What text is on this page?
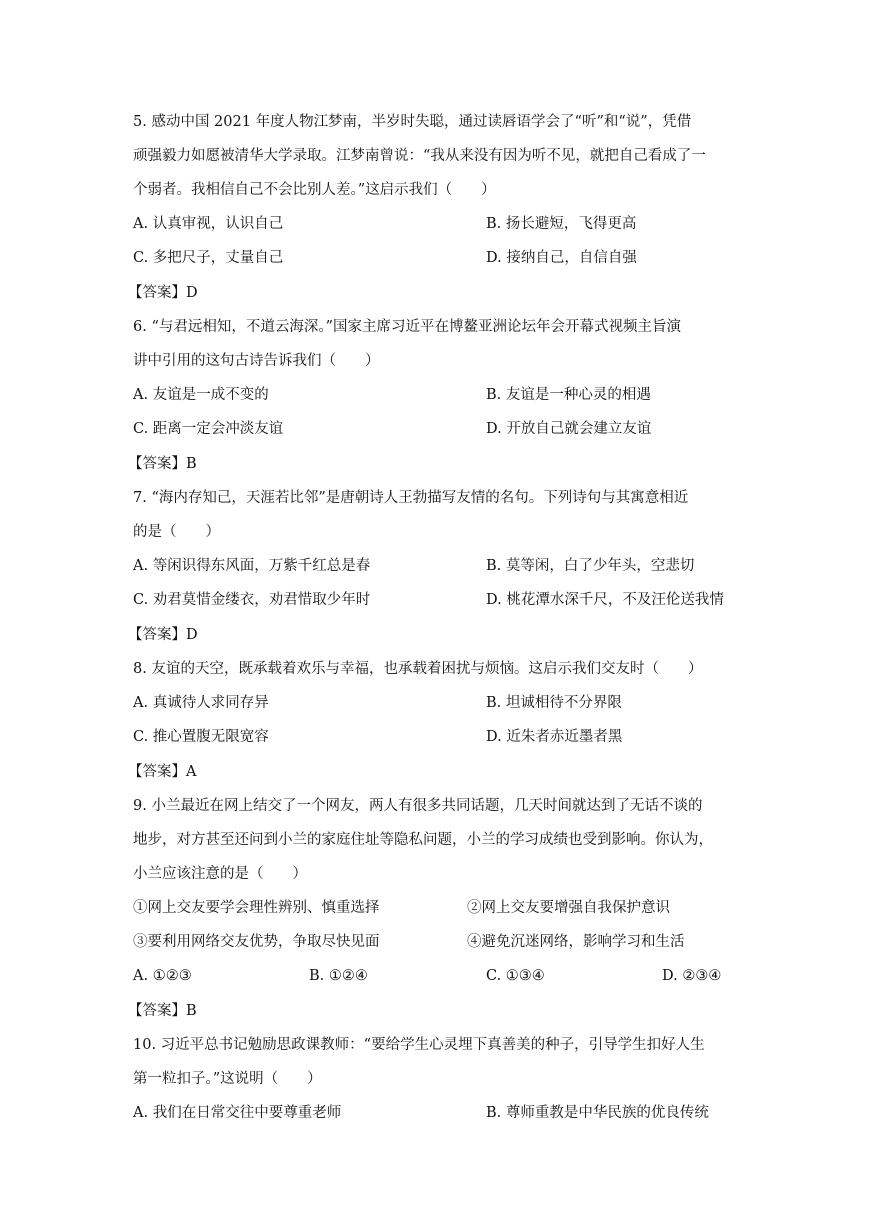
5. 感动中国 2021 年度人物江梦南，半岁时失聪，通过读唇语学会了“听”和“说”，凭借
顽强毅力如愿被清华大学录取。江梦南曾说：“我从来没有因为听不见，就把自己看成了一
个弱者。我相信自己不会比别人差。”这启示我们（　　）
A. 认真审视，认识自己	B. 扬长避短，飞得更高
C. 多把尺子，丈量自己	D. 接纳自己，自信自强
【答案】D
6. “与君远相知，不道云海深。”国家主席习近平在博鳌亚洲论坛年会开幕式视频主旨演
讲中引用的这句古诗告诉我们（　　）
A. 友谊是一成不变的	B. 友谊是一种心灵的相遇
C. 距离一定会冲淡友谊	D. 开放自己就会建立友谊
【答案】B
7. “海内存知己，天涯若比邻”是唐朝诗人王勃描写友情的名句。下列诗句与其寓意相近
的是（　　）
A. 等闲识得东风面，万紫千红总是春	B. 莫等闲，白了少年头，空悲切
C. 劝君莫惜金缕衣，劝君惜取少年时	D. 桃花潭水深千尺，不及汪伦送我情
【答案】D
8. 友谊的天空，既承载着欢乐与幸福，也承载着困扰与烦恼。这启示我们交友时（　　）
A. 真诚待人求同存异	B. 坦诚相待不分界限
C. 推心置腹无限宽容	D. 近朱者赤近墨者黑
【答案】A
9. 小兰最近在网上结交了一个网友，两人有很多共同话题，几天时间就达到了无话不谈的
地步，对方甚至还问到小兰的家庭住址等隐私问题，小兰的学习成绩也受到影响。你认为，
小兰应该注意的是（　　）
①网上交友要学会理性辨别、慎重选择	②网上交友要增强自我保护意识
③要利用网络交友优势，争取尽快见面	④避免沉迷网络，影响学习和生活
A. ①②③	B. ①②④	C. ①③④	D. ②③④
【答案】B
10. 习近平总书记勉励思政课教师：“要给学生心灵埋下真善美的种子，引导学生扣好人生
第一粒扣子。”这说明（　　）
A. 我们在日常交往中要尊重老师	B. 尊师重教是中华民族的优良传统
